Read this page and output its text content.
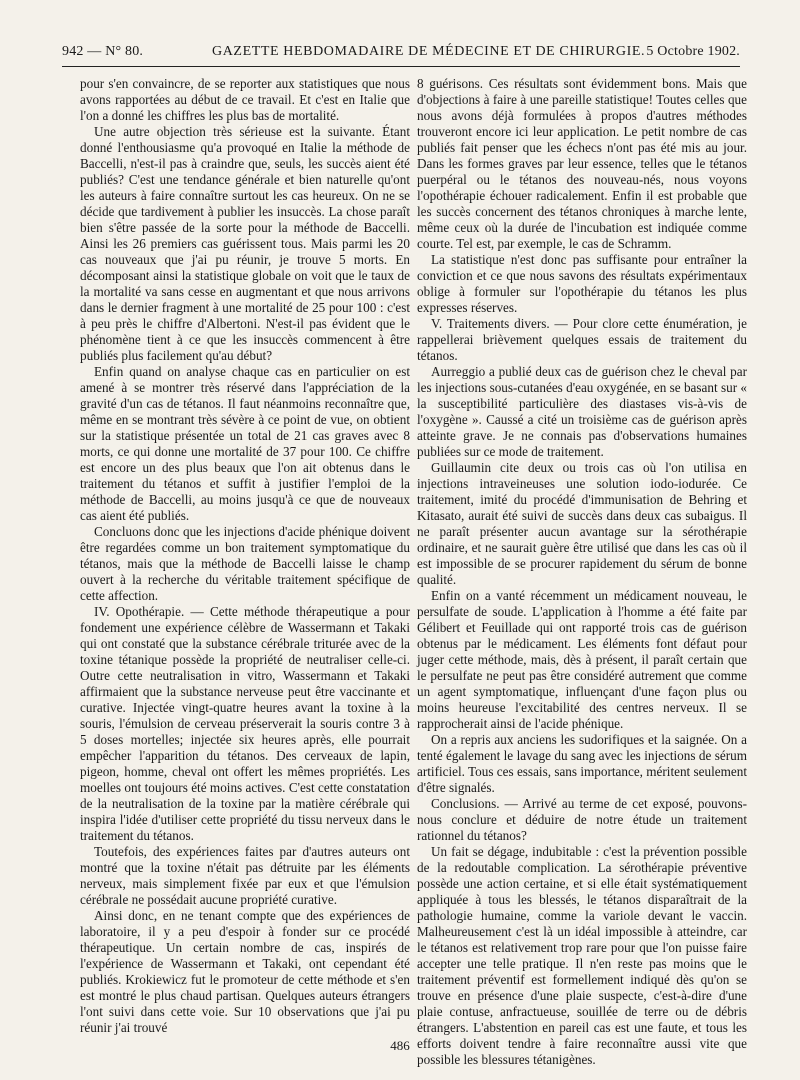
942 — N° 80.	GAZETTE HEBDOMADAIRE DE MÉDECINE ET DE CHIRURGIE. 5 Octobre 1902.

pour s'en convaincre, de se reporter aux statistiques que nous avons rapportées au début de ce travail. Et c'est en Italie que l'on a donné les chiffres les plus bas de mortalité.

Une autre objection très sérieuse est la suivante. Étant donné l'enthousiasme qu'a provoqué en Italie la méthode de Baccelli, n'est-il pas à craindre que, seuls, les succès aient été publiés? C'est une tendance générale et bien naturelle qu'ont les auteurs à faire connaître surtout les cas heureux. On ne se décide que tardivement à publier les insuccès. La chose paraît bien s'être passée de la sorte pour la méthode de Baccelli. Ainsi les 26 premiers cas guérissent tous. Mais parmi les 20 cas nouveaux que j'ai pu réunir, je trouve 5 morts. En décomposant ainsi la statistique globale on voit que le taux de la mortalité va sans cesse en augmentant et que nous arrivons dans le dernier fragment à une mortalité de 25 pour 100 : c'est à peu près le chiffre d'Albertoni. N'est-il pas évident que le phénomène tient à ce que les insuccès commencent à être publiés plus facilement qu'au début?

Enfin quand on analyse chaque cas en particulier on est amené à se montrer très réservé dans l'appréciation de la gravité d'un cas de tétanos. Il faut néanmoins reconnaître que, même en se montrant très sévère à ce point de vue, on obtient sur la statistique présentée un total de 21 cas graves avec 8 morts, ce qui donne une mortalité de 37 pour 100. Ce chiffre est encore un des plus beaux que l'on ait obtenus dans le traitement du tétanos et suffit à justifier l'emploi de la méthode de Baccelli, au moins jusqu'à ce que de nouveaux cas aient été publiés.

Concluons donc que les injections d'acide phénique doivent être regardées comme un bon traitement symptomatique du tétanos, mais que la méthode de Baccelli laisse le champ ouvert à la recherche du véritable traitement spécifique de cette affection.

IV. Opothérapie. — Cette méthode thérapeutique a pour fondement une expérience célèbre de Wassermann et Takaki qui ont constaté que la substance cérébrale triturée avec de la toxine tétanique possède la propriété de neutraliser celle-ci. Outre cette neutralisation in vitro, Wassermann et Takaki affirmaient que la substance nerveuse peut être vaccinante et curative. Injectée vingt-quatre heures avant la toxine à la souris, l'émulsion de cerveau préserverait la souris contre 3 à 5 doses mortelles; injectée six heures après, elle pourrait empêcher l'apparition du tétanos. Des cerveaux de lapin, pigeon, homme, cheval ont offert les mêmes propriétés. Les moelles ont toujours été moins actives. C'est cette constatation de la neutralisation de la toxine par la matière cérébrale qui inspira l'idée d'utiliser cette propriété du tissu nerveux dans le traitement du tétanos.

Toutefois, des expériences faites par d'autres auteurs ont montré que la toxine n'était pas détruite par les éléments nerveux, mais simplement fixée par eux et que l'émulsion cérébrale ne possédait aucune propriété curative.

Ainsi donc, en ne tenant compte que des expériences de laboratoire, il y a peu d'espoir à fonder sur ce procédé thérapeutique. Un certain nombre de cas, inspirés de l'expérience de Wassermann et Takaki, ont cependant été publiés. Krokiewicz fut le promoteur de cette méthode et s'en est montré le plus chaud partisan. Quelques auteurs étrangers l'ont suivi dans cette voie. Sur 10 observations que j'ai pu réunir j'ai trouvé

8 guérisons. Ces résultats sont évidemment bons. Mais que d'objections à faire à une pareille statistique! Toutes celles que nous avons déjà formulées à propos d'autres méthodes trouveront encore ici leur application. Le petit nombre de cas publiés fait penser que les échecs n'ont pas été mis au jour. Dans les formes graves par leur essence, telles que le tétanos puerpéral ou le tétanos des nouveau-nés, nous voyons l'opothérapie échouer radicalement. Enfin il est probable que les succès concernent des tétanos chroniques à marche lente, même ceux où la durée de l'incubation est indiquée comme courte. Tel est, par exemple, le cas de Schramm.

La statistique n'est donc pas suffisante pour entraîner la conviction et ce que nous savons des résultats expérimentaux oblige à formuler sur l'opothérapie du tétanos les plus expresses réserves.

V. Traitements divers. — Pour clore cette énumération, je rappellerai brièvement quelques essais de traitement du tétanos.

Aurreggio a publié deux cas de guérison chez le cheval par les injections sous-cutanées d'eau oxygénée, en se basant sur « la susceptibilité particulière des diastases vis-à-vis de l'oxygène ». Caussé a cité un troisième cas de guérison après atteinte grave. Je ne connais pas d'observations humaines publiées sur ce mode de traitement.

Guillaumin cite deux ou trois cas où l'on utilisa en injections intraveineuses une solution iodo-iodurée. Ce traitement, imité du procédé d'immunisation de Behring et Kitasato, aurait été suivi de succès dans deux cas subaigus. Il ne paraît présenter aucun avantage sur la sérothérapie ordinaire, et ne saurait guère être utilisé que dans les cas où il est impossible de se procurer rapidement du sérum de bonne qualité.

Enfin on a vanté récemment un médicament nouveau, le persulfate de soude. L'application à l'homme a été faite par Gélibert et Feuillade qui ont rapporté trois cas de guérison obtenus par le médicament. Les éléments font défaut pour juger cette méthode, mais, dès à présent, il paraît certain que le persulfate ne peut pas être considéré autrement que comme un agent symptomatique, influençant d'une façon plus ou moins heureuse l'excitabilité des centres nerveux. Il se rapprocherait ainsi de l'acide phénique.

On a repris aux anciens les sudorifiques et la saignée. On a tenté également le lavage du sang avec les injections de sérum artificiel. Tous ces essais, sans importance, méritent seulement d'être signalés.

Conclusions. — Arrivé au terme de cet exposé, pouvons-nous conclure et déduire de notre étude un traitement rationnel du tétanos?

Un fait se dégage, indubitable : c'est la prévention possible de la redoutable complication. La sérothérapie préventive possède une action certaine, et si elle était systématiquement appliquée à tous les blessés, le tétanos disparaîtrait de la pathologie humaine, comme la variole devant le vaccin. Malheureusement c'est là un idéal impossible à atteindre, car le tétanos est relativement trop rare pour que l'on puisse faire accepter une telle pratique. Il n'en reste pas moins que le traitement préventif est formellement indiqué dès qu'on se trouve en présence d'une plaie suspecte, c'est-à-dire d'une plaie contuse, anfractueuse, souillée de terre ou de débris étrangers. L'abstention en pareil cas est une faute, et tous les efforts doivent tendre à faire reconnaître aussi vite que possible les blessures tétanigènes.

486
